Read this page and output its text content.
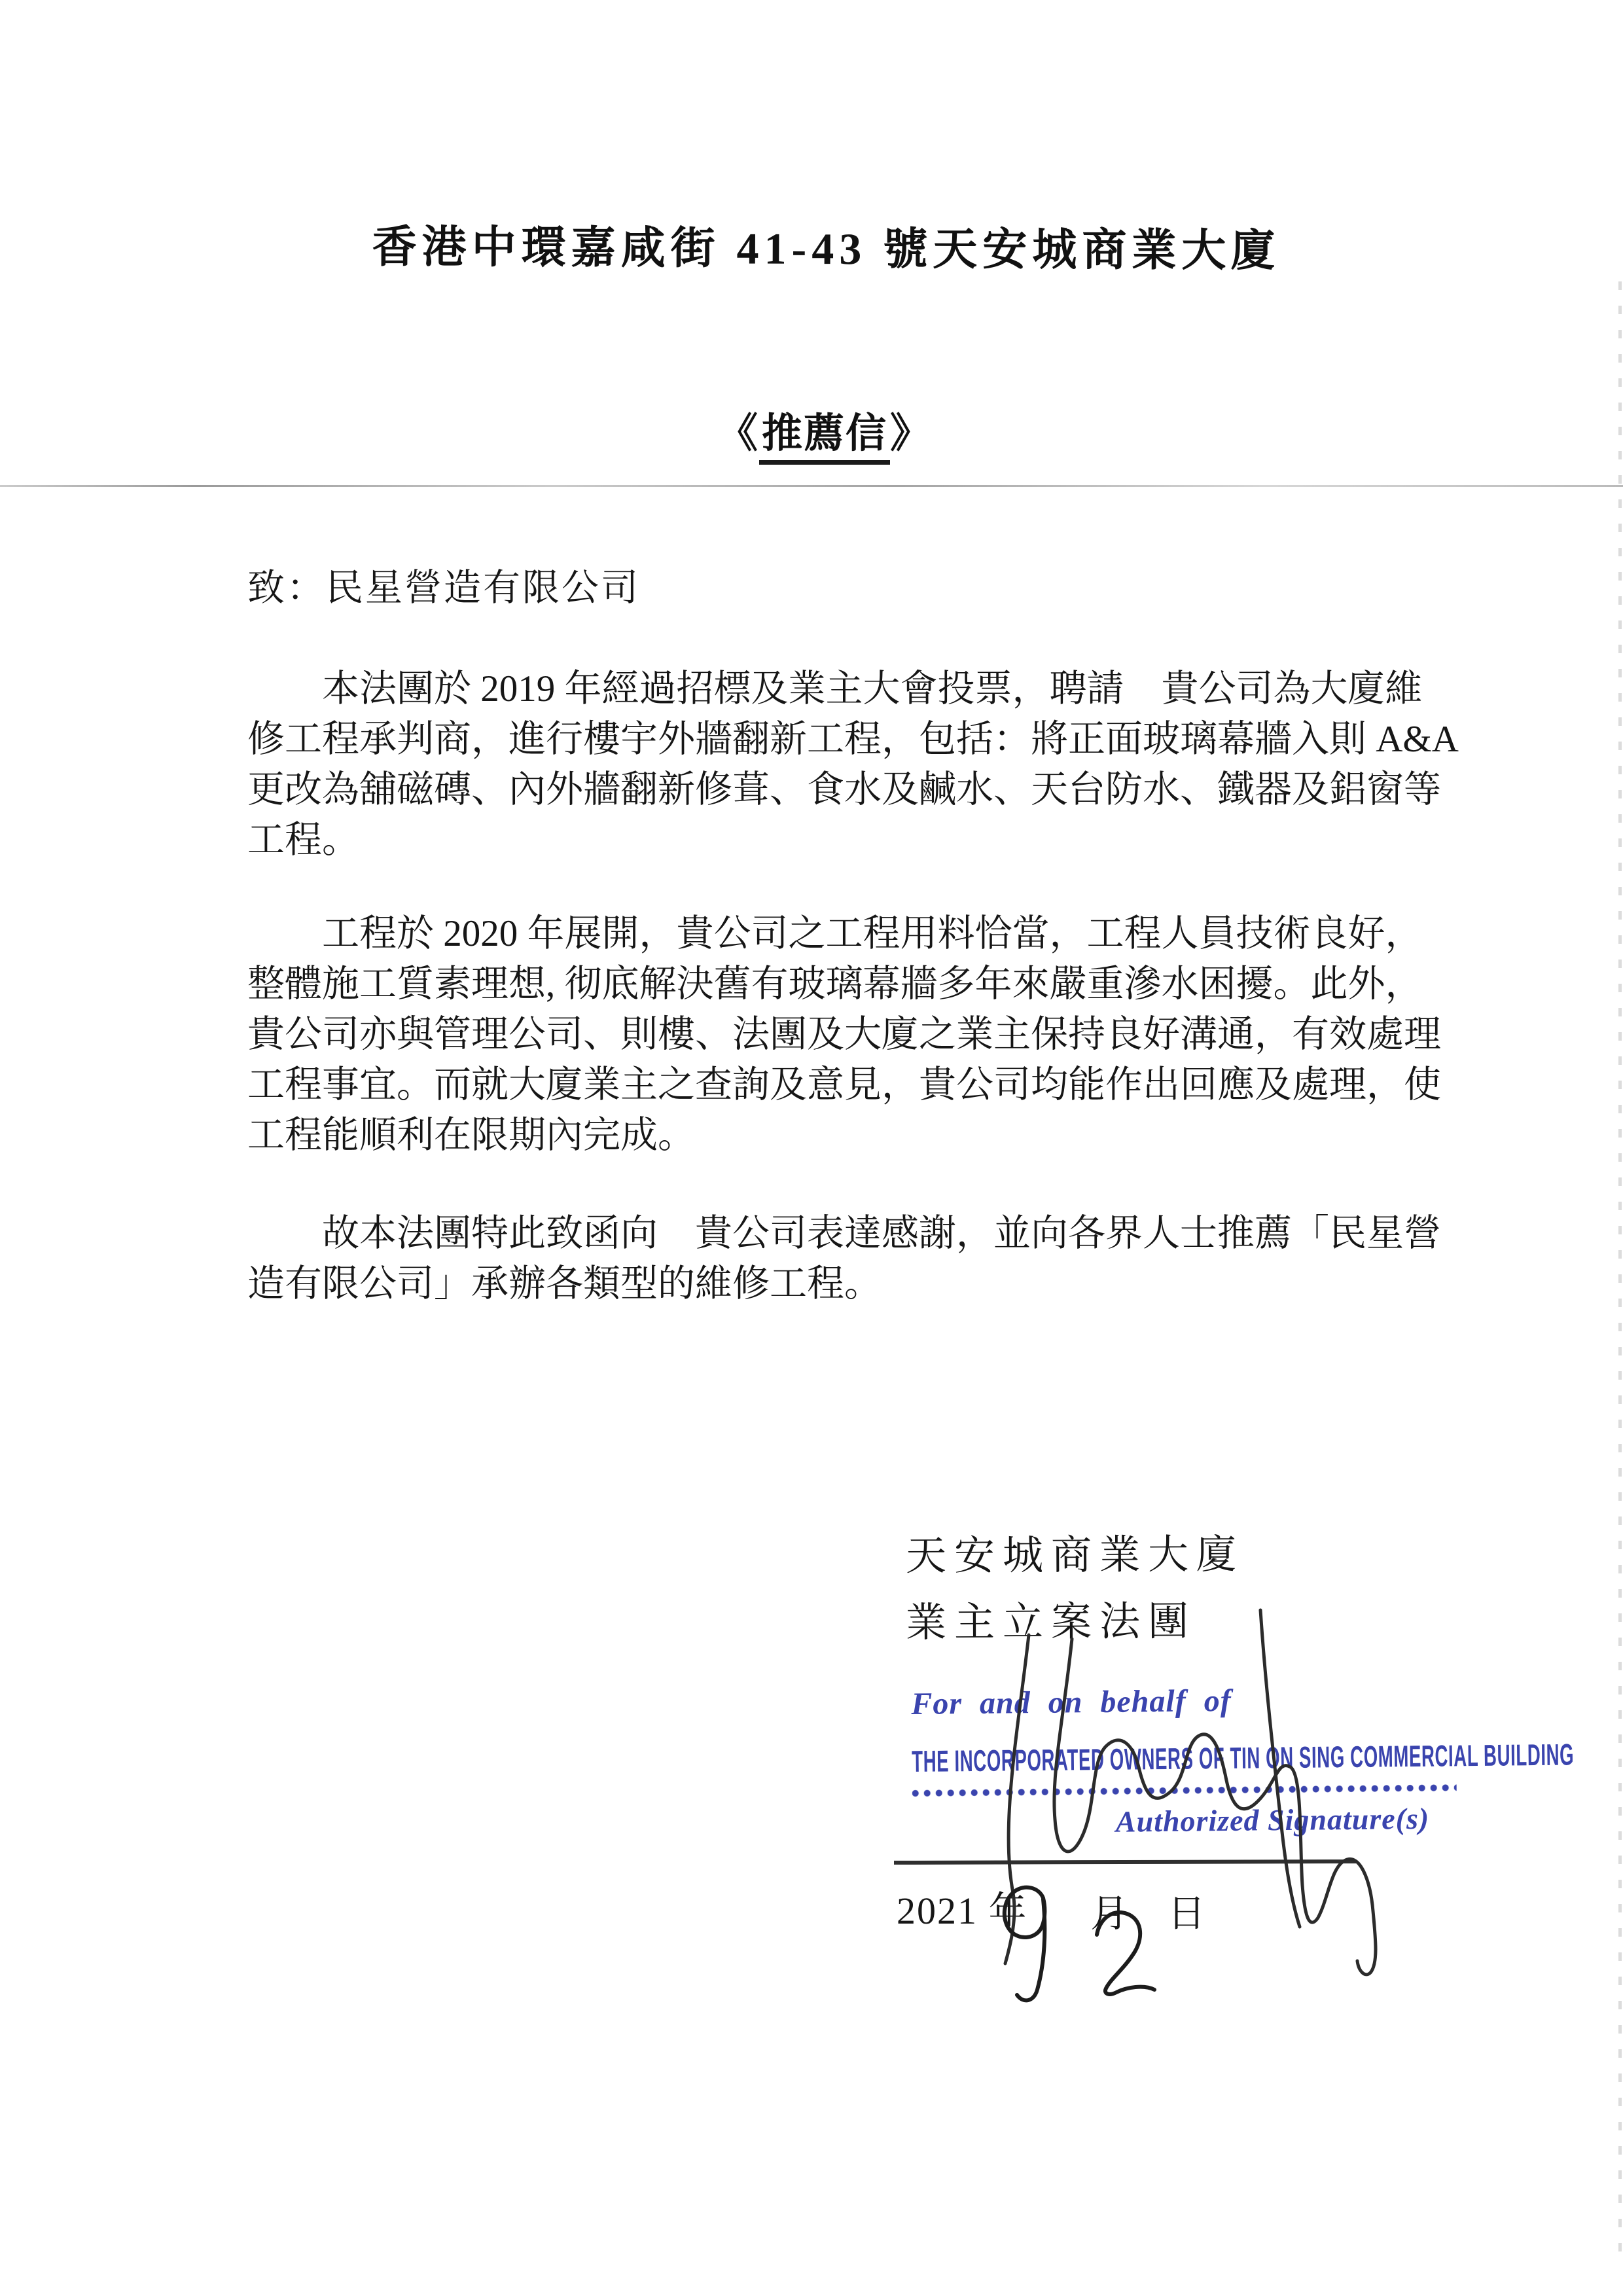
香港中環嘉咸街 41-43 號天安城商業大廈
《推薦信》
致：民星營造有限公司
本法團於 2019 年經過招標及業主大會投票，聘請　貴公司為大廈維
修工程承判商，進行樓宇外牆翻新工程，包括：將正面玻璃幕牆入則 A&A
更改為舖磁磚、內外牆翻新修葺、食水及鹹水、天台防水、鐵器及鋁窗等
工程。
工程於 2020 年展開，貴公司之工程用料恰當，工程人員技術良好，
整體施工質素理想, 彻底解決舊有玻璃幕牆多年來嚴重滲水困擾。此外，
貴公司亦與管理公司、則樓、法團及大廈之業主保持良好溝通，有效處理
工程事宜。而就大廈業主之查詢及意見，貴公司均能作出回應及處理，使
工程能順利在限期內完成。
故本法團特此致函向　貴公司表達感謝，並向各界人士推薦「民星營
造有限公司」承辦各類型的維修工程。
天安城商業大廈
業主立案法團
For and on behalf of
THE INCORPORATED OWNERS OF TIN ON SING COMMERCIAL BUILDING
Authorized Signature(s)
2021 年 月 日
